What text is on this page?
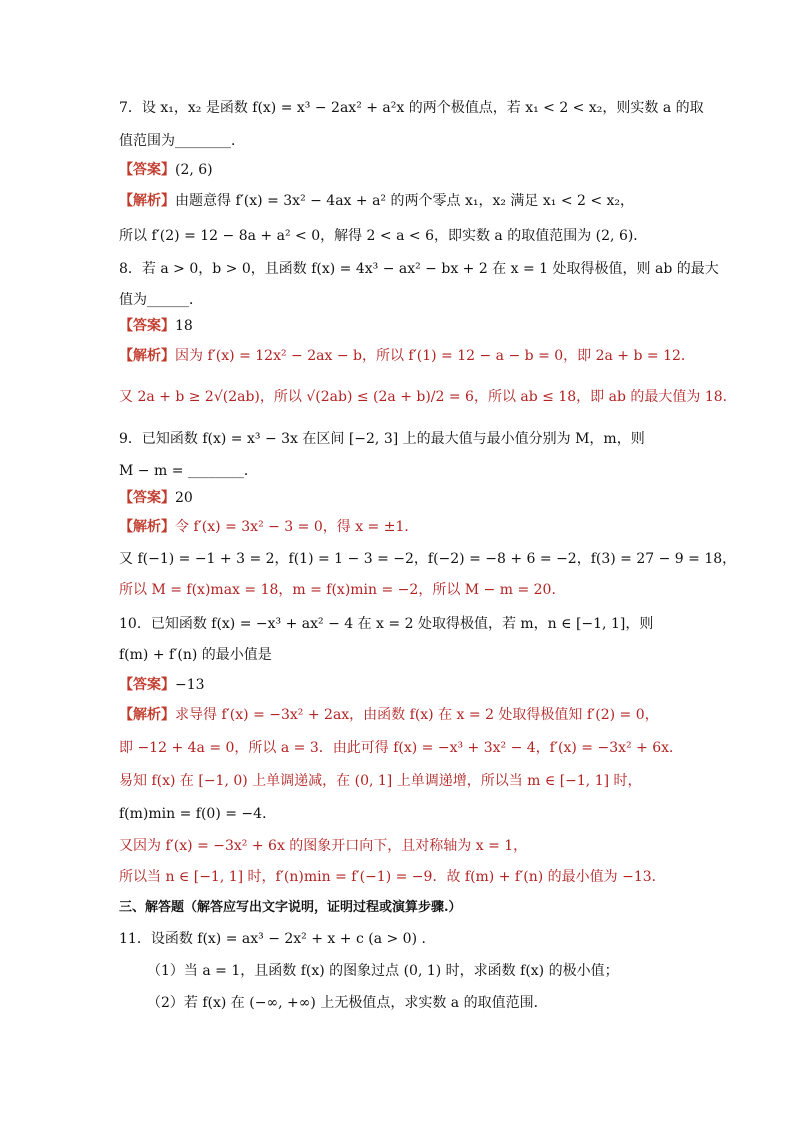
7．设 x₁，x₂ 是函数 f(x) = x³ − 2ax² + a²x 的两个极值点，若 x₁ < 2 < x₂，则实数 a 的取
值范围为________．
【答案】(2, 6)
【解析】由题意得 f′(x) = 3x² − 4ax + a² 的两个零点 x₁，x₂ 满足 x₁ < 2 < x₂，
所以 f′(2) = 12 − 8a + a² < 0，解得 2 < a < 6，即实数 a 的取值范围为 (2, 6)．
8．若 a > 0，b > 0，且函数 f(x) = 4x³ − ax² − bx + 2 在 x = 1 处取得极值，则 ab 的最大
值为______．
【答案】18
【解析】因为 f′(x) = 12x² − 2ax − b，所以 f′(1) = 12 − a − b = 0，即 2a + b = 12．
又 2a + b ≥ 2√(2ab)，所以 √(2ab) ≤ (2a + b)/2 = 6，所以 ab ≤ 18，即 ab 的最大值为 18．
9．已知函数 f(x) = x³ − 3x 在区间 [−2, 3] 上的最大值与最小值分别为 M，m，则
M − m = ________．
【答案】20
【解析】令 f′(x) = 3x² − 3 = 0，得 x = ±1．
又 f(−1) = −1 + 3 = 2，f(1) = 1 − 3 = −2，f(−2) = −8 + 6 = −2，f(3) = 27 − 9 = 18，
所以 M = f(x)max = 18，m = f(x)min = −2，所以 M − m = 20．
10．已知函数 f(x) = −x³ + ax² − 4 在 x = 2 处取得极值，若 m，n ∈ [−1, 1]，则
f(m) + f′(n) 的最小值是
【答案】−13
【解析】求导得 f′(x) = −3x² + 2ax，由函数 f(x) 在 x = 2 处取得极值知 f′(2) = 0，
即 −12 + 4a = 0，所以 a = 3．由此可得 f(x) = −x³ + 3x² − 4，f′(x) = −3x² + 6x．
易知 f(x) 在 [−1, 0) 上单调递减，在 (0, 1] 上单调递增，所以当 m ∈ [−1, 1] 时，
f(m)min = f(0) = −4．
又因为 f′(x) = −3x² + 6x 的图象开口向下，且对称轴为 x = 1，
所以当 n ∈ [−1, 1] 时，f′(n)min = f′(−1) = −9．故 f(m) + f′(n) 的最小值为 −13．
三、解答题（解答应写出文字说明，证明过程或演算步骤.）
11．设函数 f(x) = ax³ − 2x² + x + c (a > 0) ．
（1）当 a = 1，且函数 f(x) 的图象过点 (0, 1) 时，求函数 f(x) 的极小值；
（2）若 f(x) 在 (−∞, +∞) 上无极值点，求实数 a 的取值范围．
